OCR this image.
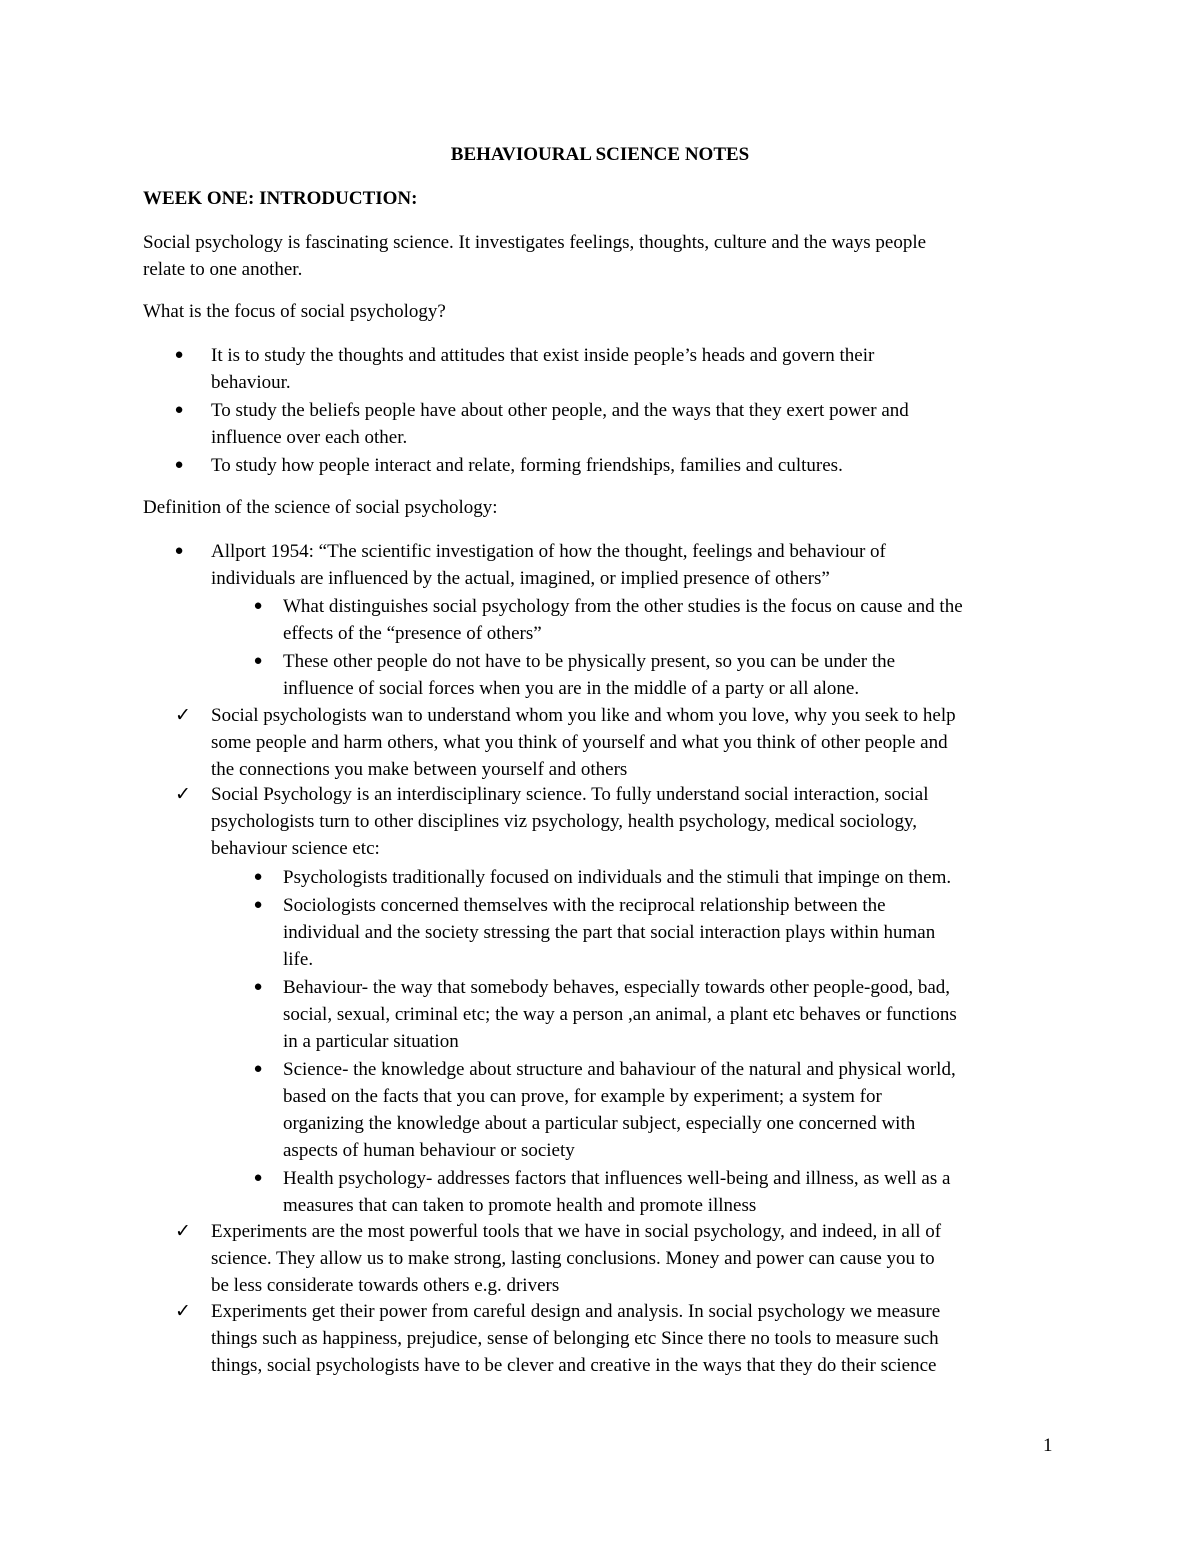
BEHAVIOURAL SCIENCE NOTES

WEEK ONE: INTRODUCTION:

Social psychology is fascinating science. It investigates feelings, thoughts, culture and the ways people

relate to one another.

What is the focus of social psychology?

● It is to study the thoughts and attitudes that exist inside people’s heads and govern their

behaviour.

● To study the beliefs people have about other people, and the ways that they exert power and

influence over each other.

● To study how people interact and relate, forming friendships, families and cultures.

Definition of the science of social psychology:

● Allport 1954: “The scientific investigation of how the thought, feelings and behaviour of

individuals are influenced by the actual, imagined, or implied presence of others”

● What distinguishes social psychology from the other studies is the focus on cause and the

effects of the “presence of others”

● These other people do not have to be physically present, so you can be under the

influence of social forces when you are in the middle of a party or all alone.

✓ Social psychologists wan to understand whom you like and whom you love, why you seek to help

some people and harm others, what you think of yourself and what you think of other people and

the connections you make between yourself and others

✓ Social Psychology is an interdisciplinary science. To fully understand social interaction, social

psychologists turn to other disciplines viz psychology, health psychology, medical sociology,

behaviour science etc:

● Psychologists traditionally focused on individuals and the stimuli that impinge on them.

● Sociologists concerned themselves with the reciprocal relationship between the

individual and the society stressing the part that social interaction plays within human

life.

● Behaviour- the way that somebody behaves, especially towards other people-good, bad,

social, sexual, criminal etc; the way a person ,an animal, a plant etc behaves or functions

in a particular situation

● Science- the knowledge about structure and bahaviour of the natural and physical world,

based on the facts that you can prove, for example by experiment; a system for

organizing the knowledge about a particular subject, especially one concerned with

aspects of human behaviour or society

● Health psychology- addresses factors that influences well-being and illness, as well as a

measures that can taken to promote health and promote illness

✓ Experiments are the most powerful tools that we have in social psychology, and indeed, in all of

science. They allow us to make strong, lasting conclusions. Money and power can cause you to

be less considerate towards others e.g. drivers

✓ Experiments get their power from careful design and analysis. In social psychology we measure

things such as happiness, prejudice, sense of belonging etc Since there no tools to measure such

things, social psychologists have to be clever and creative in the ways that they do their science

1
